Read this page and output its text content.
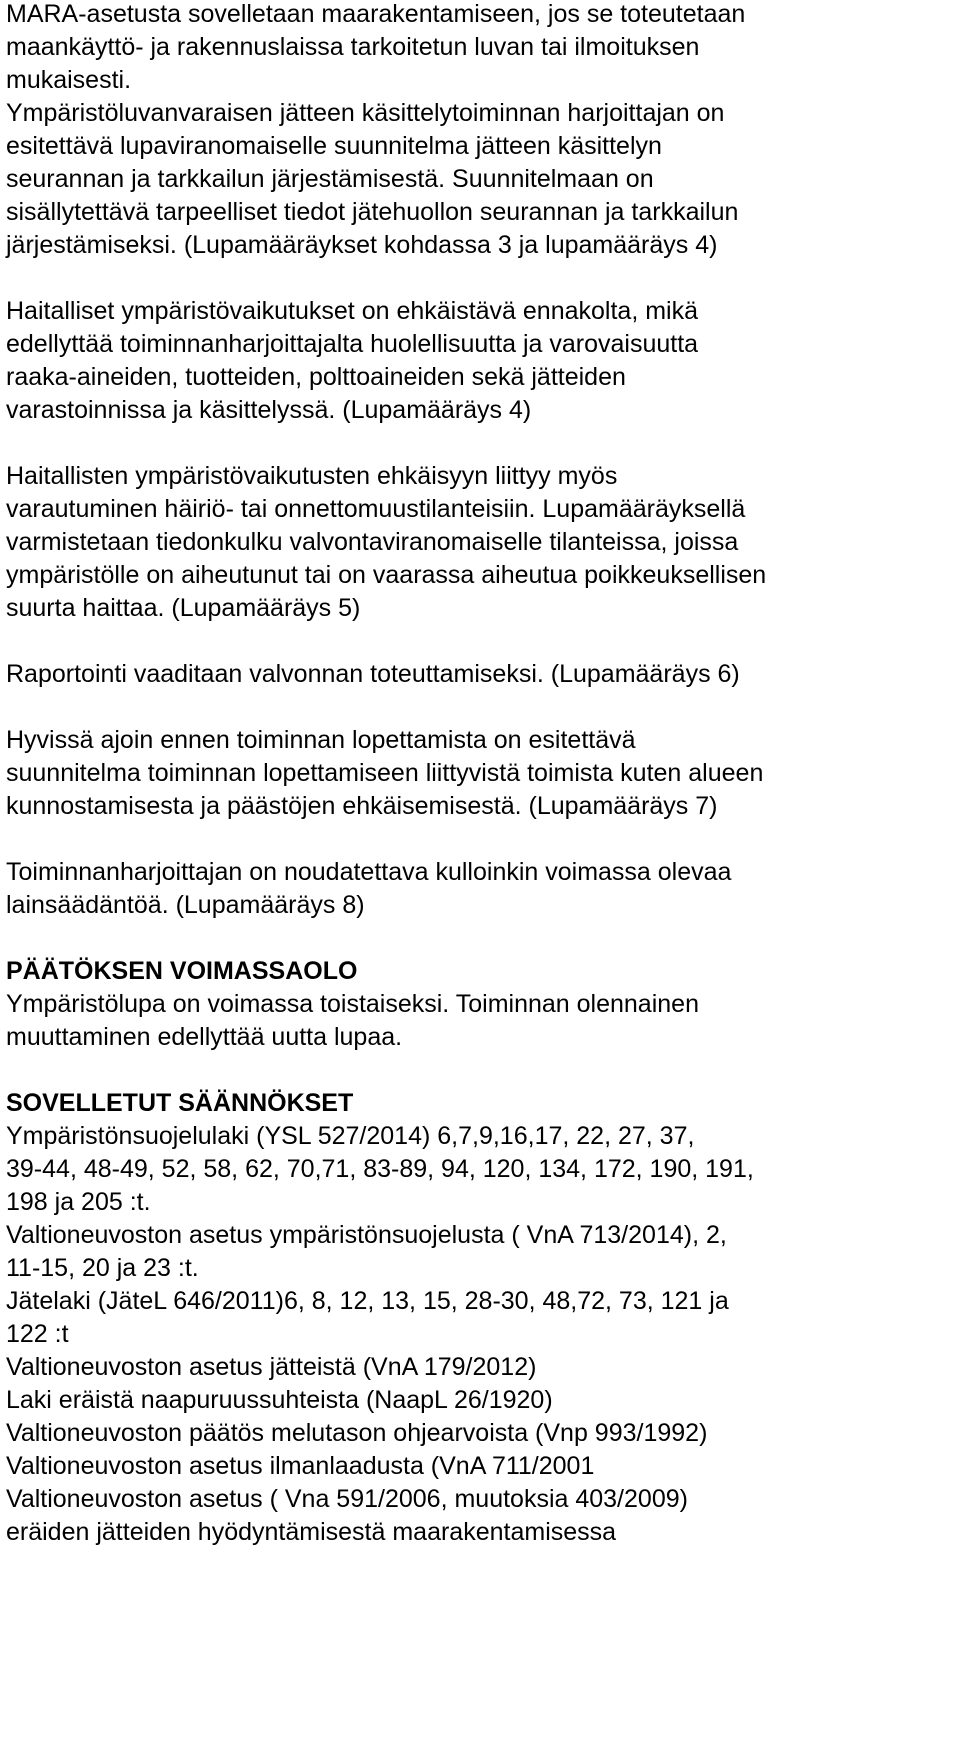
MARA-asetusta sovelletaan maarakentamiseen, jos se toteutetaan
maankäyttö- ja rakennuslaissa tarkoitetun luvan tai ilmoituksen
mukaisesti.
Ympäristöluvanvaraisen jätteen käsittelytoiminnan harjoittajan on
esitettävä lupaviranomaiselle suunnitelma jätteen käsittelyn
seurannan ja tarkkailun järjestämisestä. Suunnitelmaan on
sisällytettävä tarpeelliset tiedot jätehuollon seurannan ja tarkkailun
järjestämiseksi. (Lupamääräykset kohdassa 3 ja lupamääräys 4)

Haitalliset ympäristövaikutukset on ehkäistävä ennakolta, mikä
edellyttää toiminnanharjoittajalta huolellisuutta ja varovaisuutta
raaka-aineiden, tuotteiden, polttoaineiden sekä jätteiden
varastoinnissa ja käsittelyssä. (Lupamääräys 4)

Haitallisten ympäristövaikutusten ehkäisyyn liittyy myös
varautuminen häiriö- tai onnettomuustilanteisiin. Lupamääräyksellä
varmistetaan tiedonkulku valvontaviranomaiselle tilanteissa, joissa
ympäristölle on aiheutunut tai on vaarassa aiheutua poikkeuksellisen
suurta haittaa. (Lupamääräys 5)

Raportointi vaaditaan valvonnan toteuttamiseksi. (Lupamääräys 6)

Hyvissä ajoin ennen toiminnan lopettamista on esitettävä
suunnitelma toiminnan lopettamiseen liittyvistä toimista kuten alueen
kunnostamisesta ja päästöjen ehkäisemisestä. (Lupamääräys 7)

Toiminnanharjoittajan on noudatettava kulloinkin voimassa olevaa
lainsäädäntöä. (Lupamääräys 8)

PÄÄTÖKSEN VOIMASSAOLO

Ympäristölupa on voimassa toistaiseksi. Toiminnan olennainen
muuttaminen edellyttää uutta lupaa.

SOVELLETUT SÄÄNNÖKSET
Ympäristönsuojelulaki (YSL 527/2014) 6,7,9,16,17, 22, 27, 37,
39-44, 48-49, 52, 58, 62, 70,71, 83-89, 94, 120, 134, 172, 190, 191,
198 ja 205 :t.
Valtioneuvoston asetus ympäristönsuojelusta ( VnA 713/2014), 2,
11-15, 20 ja 23 :t.
Jätelaki (JäteL 646/2011)6, 8, 12, 13, 15, 28-30, 48,72, 73, 121 ja
122 :t
Valtioneuvoston asetus jätteistä (VnA 179/2012)
Laki eräistä naapuruussuhteista (NaapL 26/1920)
Valtioneuvoston päätös melutason ohjearvoista (Vnp 993/1992)
Valtioneuvoston asetus ilmanlaadusta (VnA 711/2001
Valtioneuvoston asetus ( Vna 591/2006, muutoksia 403/2009)
eräiden jätteiden hyödyntämisestä maarakentamisessa
